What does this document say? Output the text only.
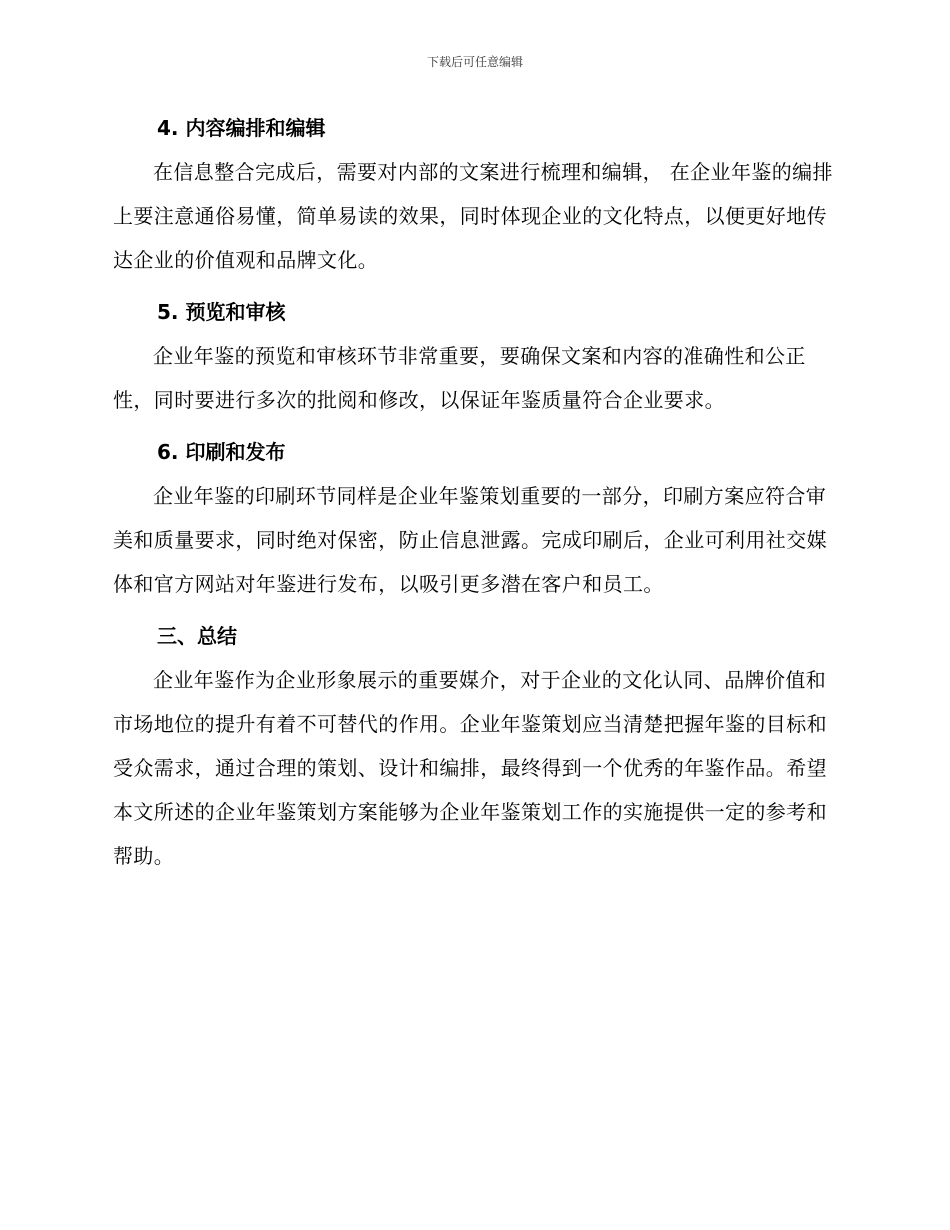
下载后可任意编辑
4. 内容编排和编辑

在信息整合完成后，需要对内部的文案进行梳理和编辑， 在企业年鉴的编排上要注意通俗易懂，简单易读的效果，同时体现企业的文化特点，以便更好地传达企业的价值观和品牌文化。

5. 预览和审核

企业年鉴的预览和审核环节非常重要，要确保文案和内容的准确性和公正性，同时要进行多次的批阅和修改，以保证年鉴质量符合企业要求。

6. 印刷和发布

企业年鉴的印刷环节同样是企业年鉴策划重要的一部分，印刷方案应符合审美和质量要求，同时绝对保密，防止信息泄露。完成印刷后，企业可利用社交媒体和官方网站对年鉴进行发布，以吸引更多潜在客户和员工。

三、总结

企业年鉴作为企业形象展示的重要媒介，对于企业的文化认同、品牌价值和市场地位的提升有着不可替代的作用。企业年鉴策划应当清楚把握年鉴的目标和受众需求，通过合理的策划、设计和编排，最终得到一个优秀的年鉴作品。希望本文所述的企业年鉴策划方案能够为企业年鉴策划工作的实施提供一定的参考和帮助。
